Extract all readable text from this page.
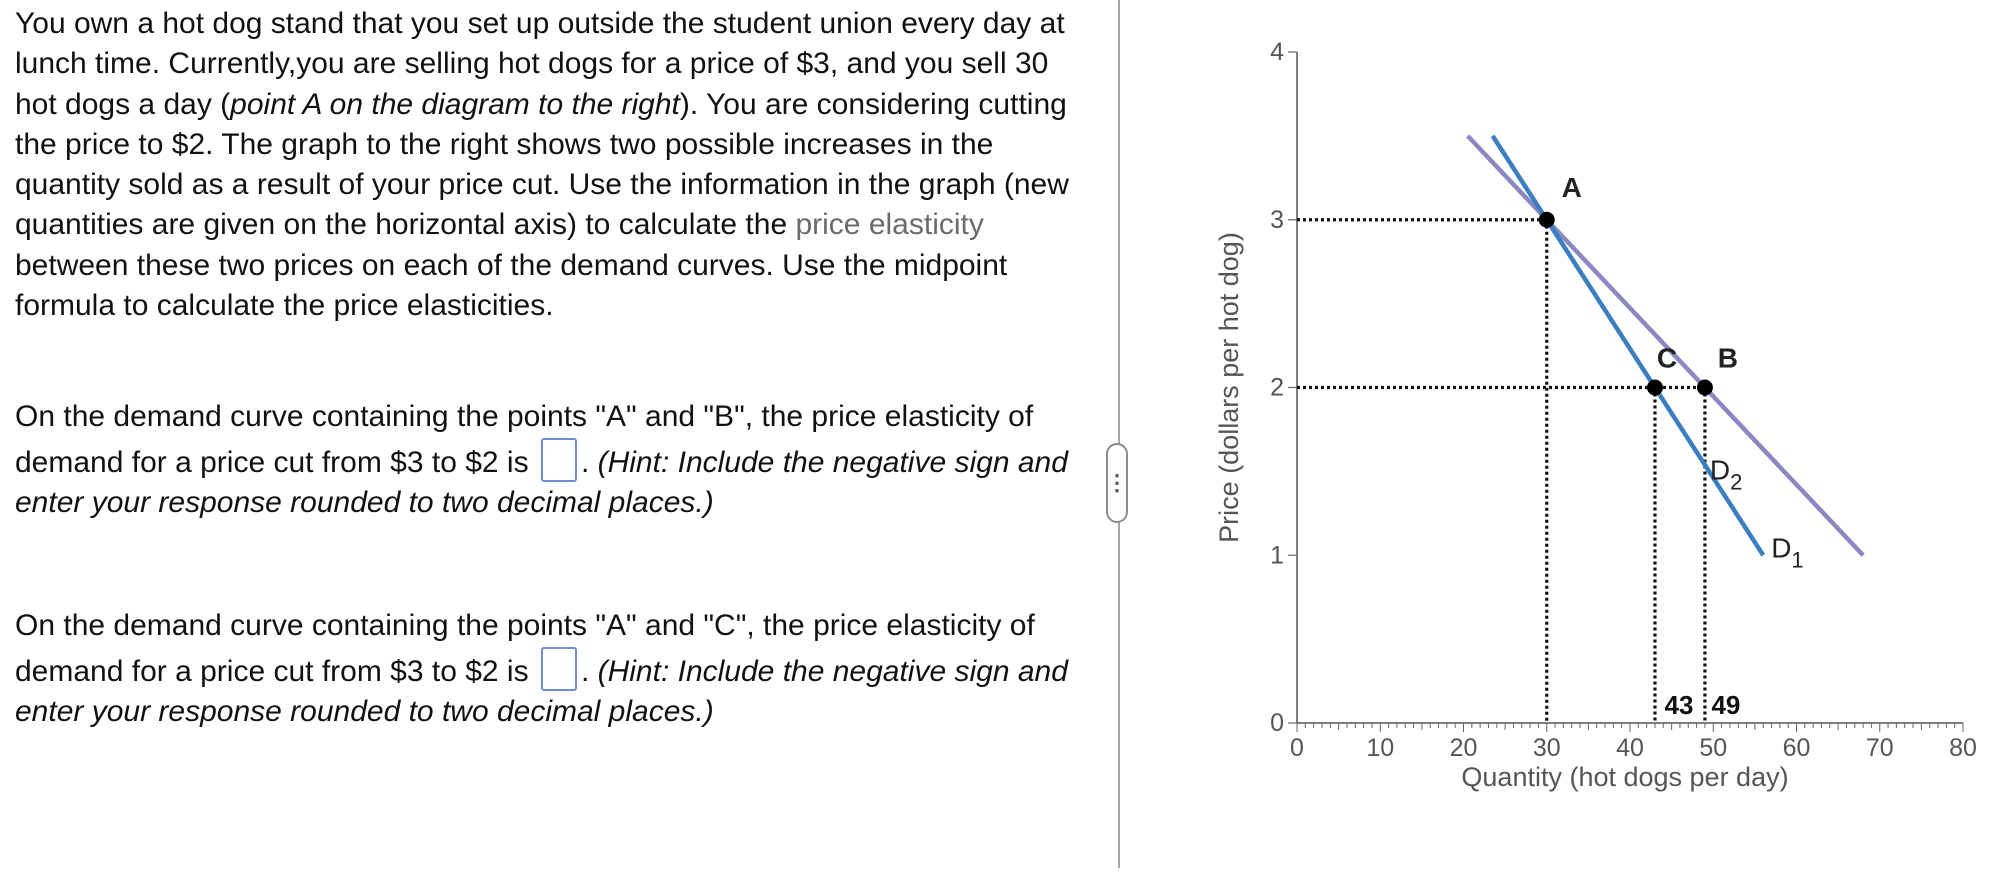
You own a hot dog stand that you set up outside the student union every day at lunch time. Currently,you are selling hot dogs for a price of $3, and you sell 30 hot dogs a day (point A on the diagram to the right). You are considering cutting the price to $2. The graph to the right shows two possible increases in the quantity sold as a result of your price cut. Use the information in the graph (new quantities are given on the horizontal axis) to calculate the price elasticity between these two prices on each of the demand curves. Use the midpoint formula to calculate the price elasticities.

On the demand curve containing the points "A" and "B", the price elasticity of demand for a price cut from $3 to $2 is . (Hint: Include the negative sign and enter your response rounded to two decimal places.)

On the demand curve containing the points "A" and "C", the price elasticity of demand for a price cut from $3 to $2 is . (Hint: Include the negative sign and enter your response rounded to two decimal places.)

⋮
0 10 20 30 40 50 60 70 80
0
1
2
3
4
Quantity (hot dogs per day)
Price (dollars per hot dog)
$D_1$
$D_2$
A
C B
43 49
